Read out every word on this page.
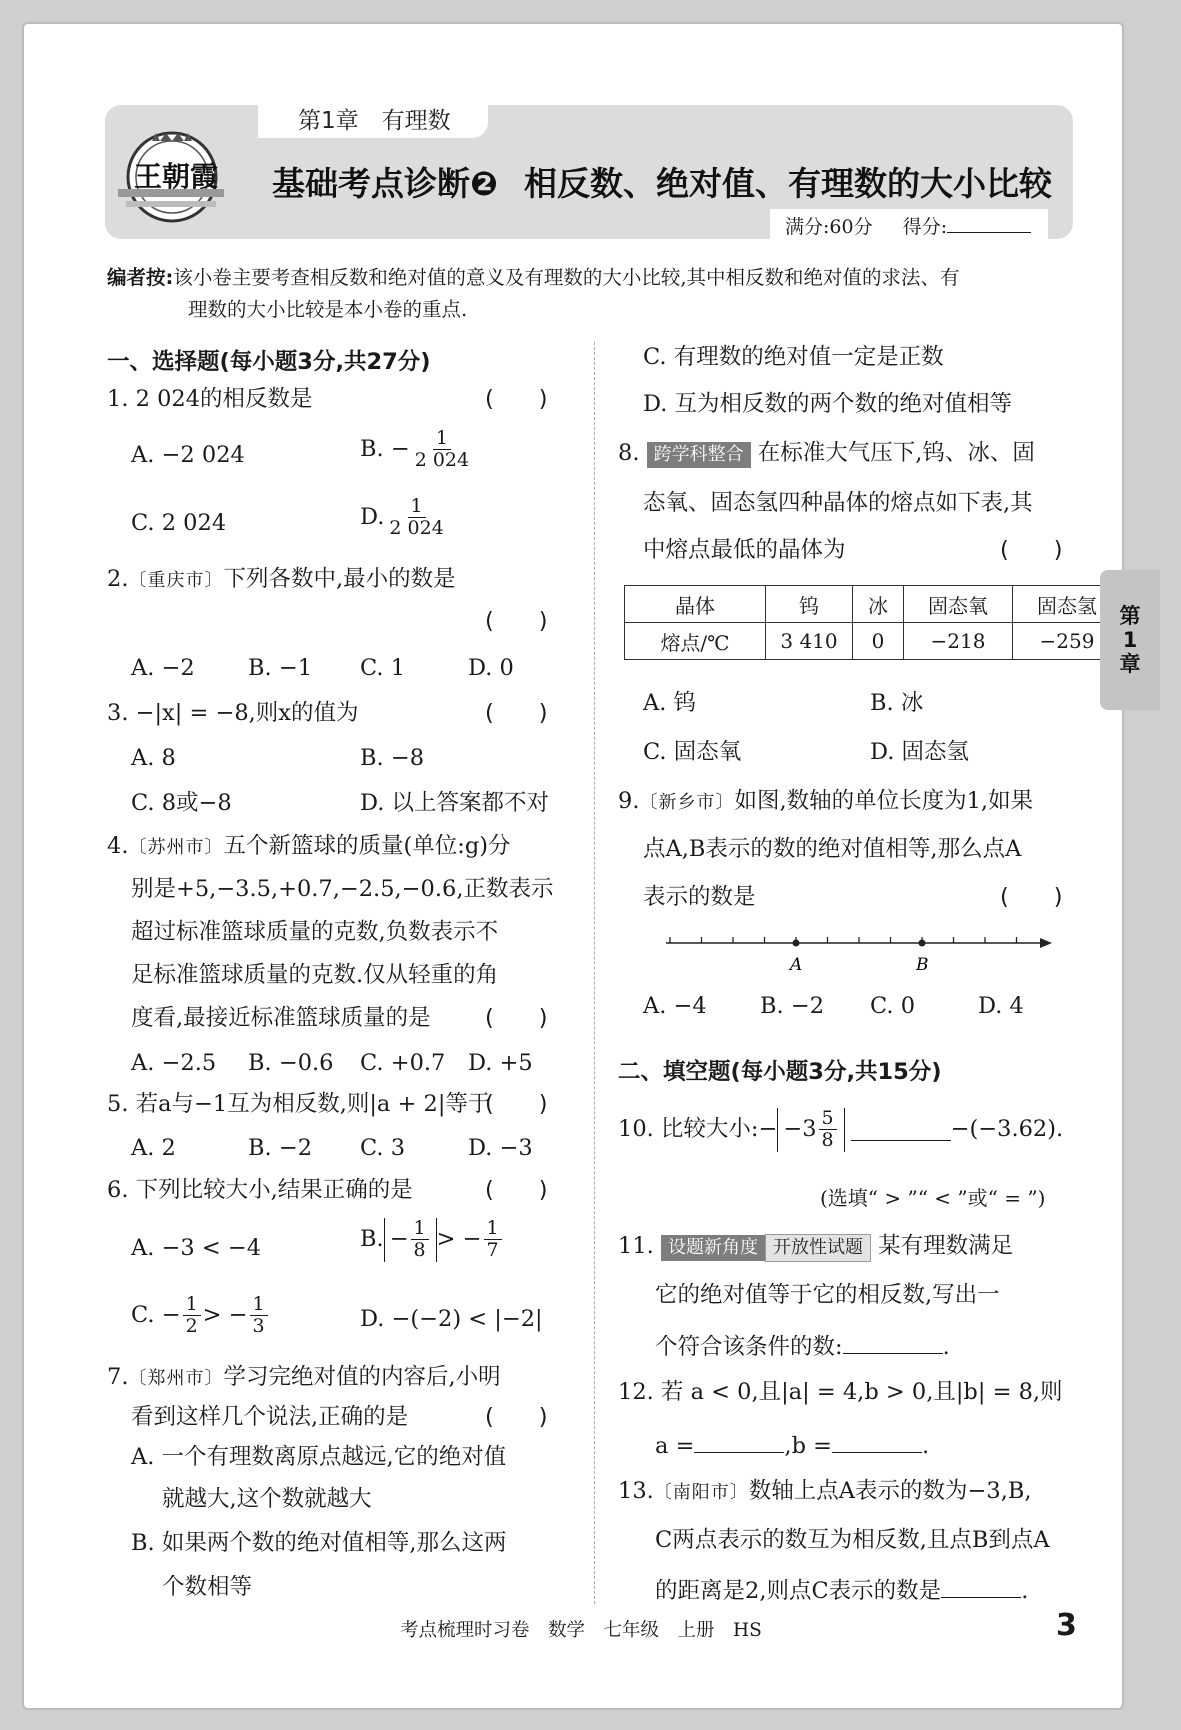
第1章　有理数
王朝霞 基础考点诊断❷ 相反数、绝对值、有理数的大小比较
满分:60分 得分:
编者按:该小卷主要考查相反数和绝对值的意义及有理数的大小比较,其中相反数和绝对值的求法、有
理数的大小比较是本小卷的重点.
一、选择题(每小题3分,共27分)
1. 2 024的相反数是	(　　)
A. −2 024	B. − $\frac{1}{2 024}$
C. 2 024	D. $\frac{1}{2 024}$
2.〔重庆市〕下列各数中,最小的数是
(　　)
A. −2 B. −1 C. 1	D. 0
3. −|x| = −8,则x的值为	(　　)
A. 8	B. −8
C. 8或−8	D. 以上答案都不对
4.〔苏州市〕五个新篮球的质量(单位:g)分
别是+5,−3.5,+0.7,−2.5,−0.6,正数表示
超过标准篮球质量的克数,负数表示不
足标准篮球质量的克数.仅从轻重的角
度看,最接近标准篮球质量的是 (　　)
A. −2.5 B. −0.6 C. +0.7 D. +5
5. 若a与−1互为相反数,则|a + 2|等于
(　　)
A. 2	B. −2 C. 3	D. −3
6. 下列比较大小,结果正确的是	(　　)
A. −3 < −4	B. − $\frac{1}{8}$ > − $\frac{1}{7}$
C. − $\frac{1}{2}$ > − $\frac{1}{3}$	D. −(−2) < |−2|
7.〔郑州市〕学习完绝对值的内容后,小明
看到这样几个说法,正确的是	(　　)
A. 一个有理数离原点越远,它的绝对值
就越大,这个数就越大
B. 如果两个数的绝对值相等,那么这两
个数相等
C. 有理数的绝对值一定是正数
D. 互为相反数的两个数的绝对值相等
8. 跨学科整合 在标准大气压下,钨、冰、固
态氧、固态氢四种晶体的熔点如下表,其
中熔点最低的晶体为	(　　)
晶体	钨	冰	固态氧	固态氢
熔点/℃	3 410	0	−218	−259
A. 钨	B. 冰
C. 固态氧	D. 固态氢
9.〔新乡市〕如图,数轴的单位长度为1,如果
点A,B表示的数的绝对值相等,那么点A
表示的数是	(　　)
A	B
A. −4 B. −2 C. 0	D. 4
二、填空题(每小题3分,共15分)
10. 比较大小:− $-3 \frac{5}{8}$	−(−3.62).
(选填“ > ”“ < ”或“ = ”)
11. 设题新角度 开放性试题 某有理数满足
它的绝对值等于它的相反数,写出一
个符合该条件的数:	.
12. 若 a < 0,且|a| = 4,b > 0,且|b| = 8,则
a =	,b =	.
13.〔南阳市〕数轴上点A表示的数为−3,B,
C两点表示的数互为相反数,且点B到点A
的距离是2,则点C表示的数是	.
第
1
章
考点梳理时习卷　数学　七年级　上册　HS	3
